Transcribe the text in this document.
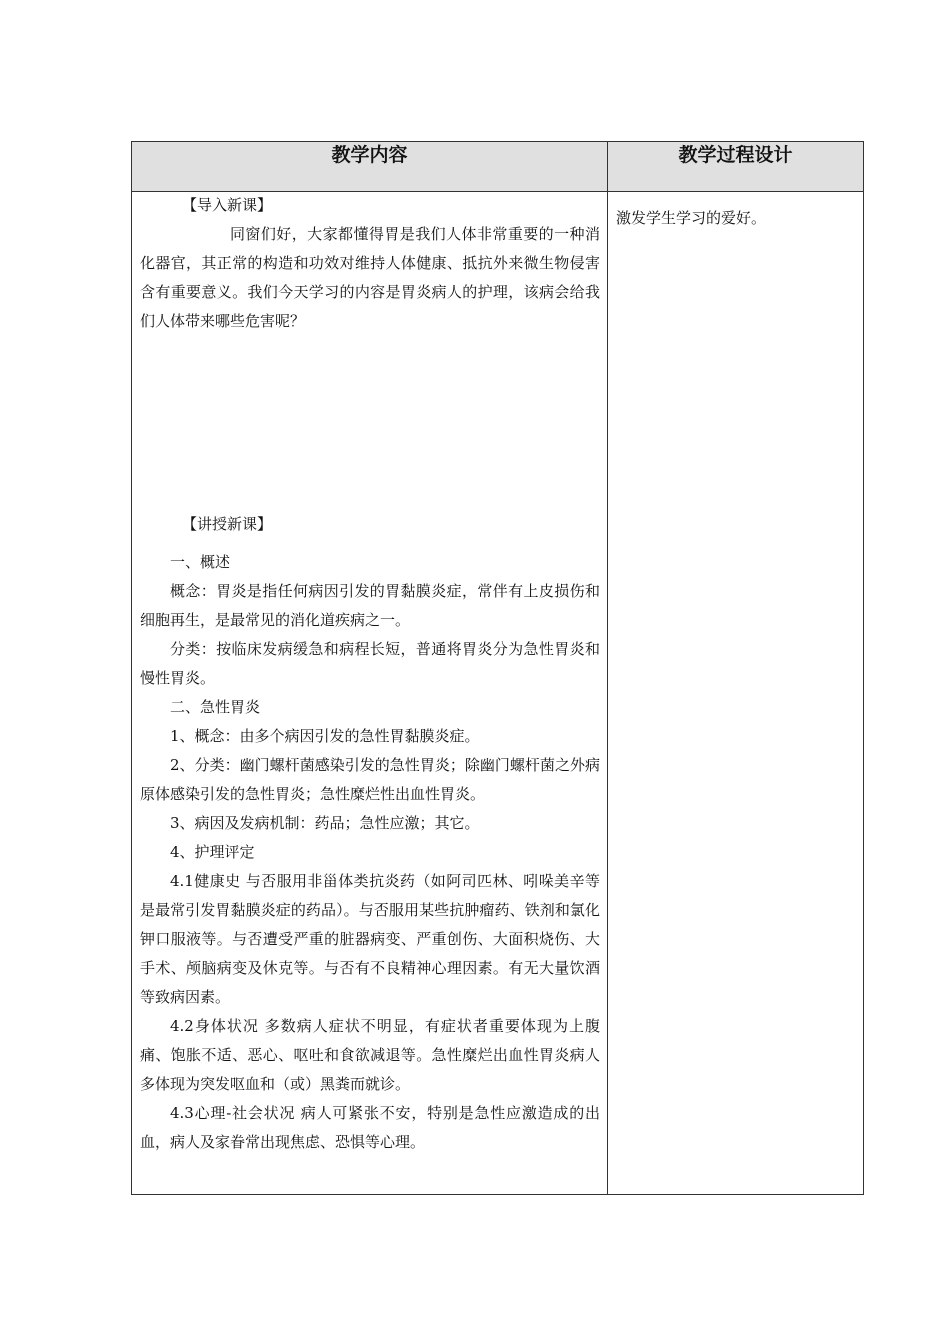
教学内容	教学过程设计

【导入新课】

同窗们好，大家都懂得胃是我们人体非常重要的一种消化器官，其正常的构造和功效对维持人体健康、抵抗外来微生物侵害含有重要意义。我们今天学习的内容是胃炎病人的护理，该病会给我们人体带来哪些危害呢？

【讲授新课】

一、概述

概念：胃炎是指任何病因引发的胃黏膜炎症，常伴有上皮损伤和细胞再生，是最常见的消化道疾病之一。

分类：按临床发病缓急和病程长短，普通将胃炎分为急性胃炎和慢性胃炎。

二、急性胃炎

1、概念：由多个病因引发的急性胃黏膜炎症。

2、分类：幽门螺杆菌感染引发的急性胃炎；除幽门螺杆菌之外病原体感染引发的急性胃炎；急性糜烂性出血性胃炎。

3、病因及发病机制：药品；急性应激；其它。

4、护理评定

4.1健康史 与否服用非甾体类抗炎药（如阿司匹林、吲哚美辛等是最常引发胃黏膜炎症的药品）。与否服用某些抗肿瘤药、铁剂和氯化钾口服液等。与否遭受严重的脏器病变、严重创伤、大面积烧伤、大手术、颅脑病变及休克等。与否有不良精神心理因素。有无大量饮酒等致病因素。

4.2身体状况 多数病人症状不明显，有症状者重要体现为上腹痛、饱胀不适、恶心、呕吐和食欲减退等。急性糜烂出血性胃炎病人多体现为突发呕血和（或）黑粪而就诊。

4.3心理-社会状况 病人可紧张不安，特别是急性应激造成的出血，病人及家眷常出现焦虑、恐惧等心理。

激发学生学习的爱好。
